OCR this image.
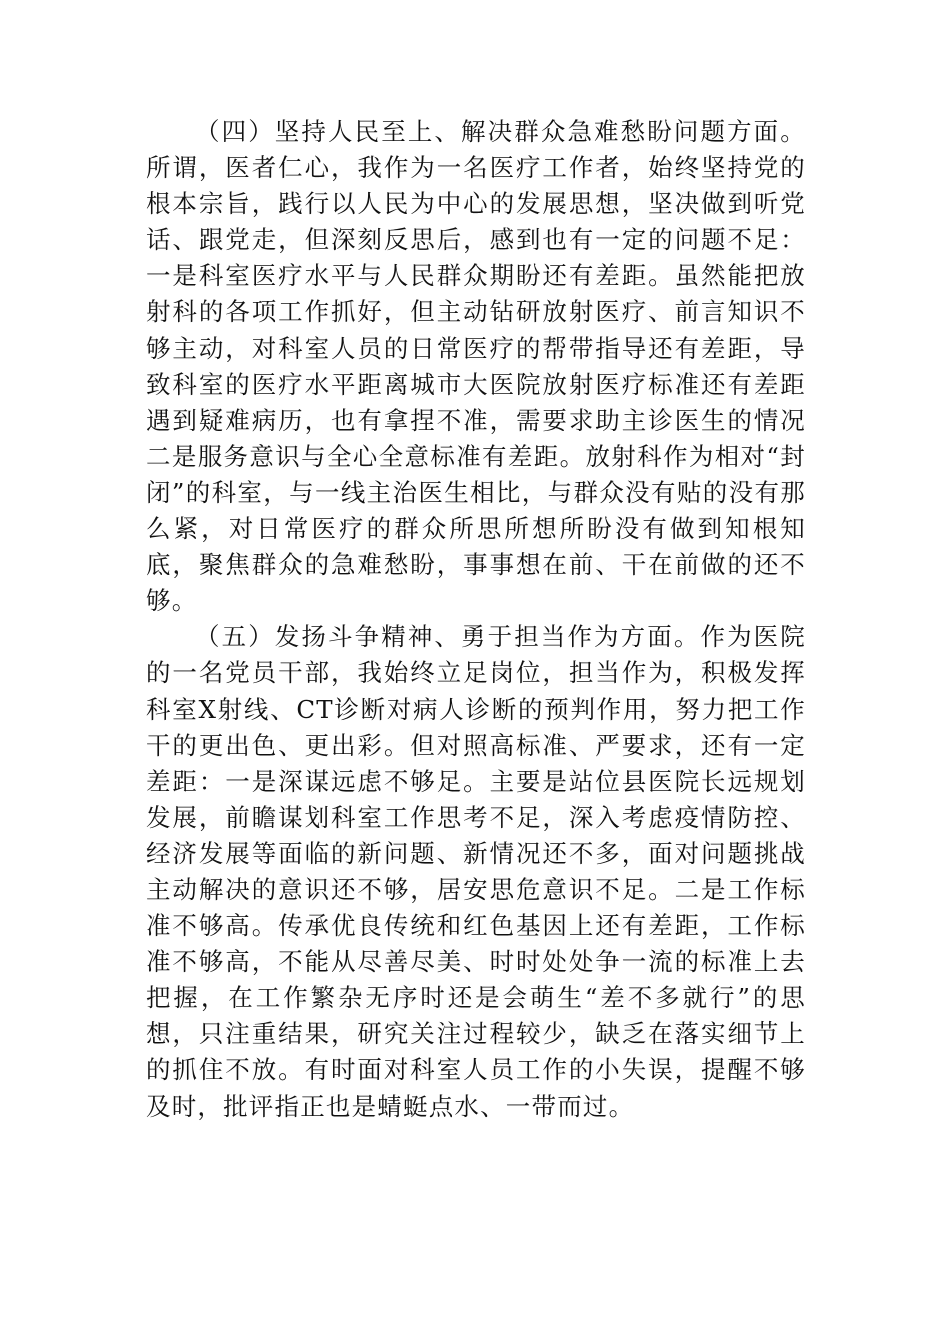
（四）坚持人民至上、解决群众急难愁盼问题方面。所谓，医者仁心，我作为一名医疗工作者，始终坚持党的根本宗旨，践行以人民为中心的发展思想，坚决做到听党话、跟党走，但深刻反思后，感到也有一定的问题不足：一是科室医疗水平与人民群众期盼还有差距。虽然能把放射科的各项工作抓好，但主动钻研放射医疗、前言知识不够主动，对科室人员的日常医疗的帮带指导还有差距，导致科室的医疗水平距离城市大医院放射医疗标准还有差距遇到疑难病历，也有拿捏不准，需要求助主诊医生的情况二是服务意识与全心全意标准有差距。放射科作为相对“封闭”的科室，与一线主治医生相比，与群众没有贴的没有那么紧，对日常医疗的群众所思所想所盼没有做到知根知底，聚焦群众的急难愁盼，事事想在前、干在前做的还不够。

（五）发扬斗争精神、勇于担当作为方面。作为医院的一名党员干部，我始终立足岗位，担当作为，积极发挥科室X射线、CT诊断对病人诊断的预判作用，努力把工作干的更出色、更出彩。但对照高标准、严要求，还有一定差距：一是深谋远虑不够足。主要是站位县医院长远规划发展，前瞻谋划科室工作思考不足，深入考虑疫情防控、经济发展等面临的新问题、新情况还不多，面对问题挑战主动解决的意识还不够，居安思危意识不足。二是工作标准不够高。传承优良传统和红色基因上还有差距，工作标准不够高，不能从尽善尽美、时时处处争一流的标准上去把握，在工作繁杂无序时还是会萌生“差不多就行”的思想，只注重结果，研究关注过程较少，缺乏在落实细节上的抓住不放。有时面对科室人员工作的小失误，提醒不够及时，批评指正也是蜻蜓点水、一带而过。
